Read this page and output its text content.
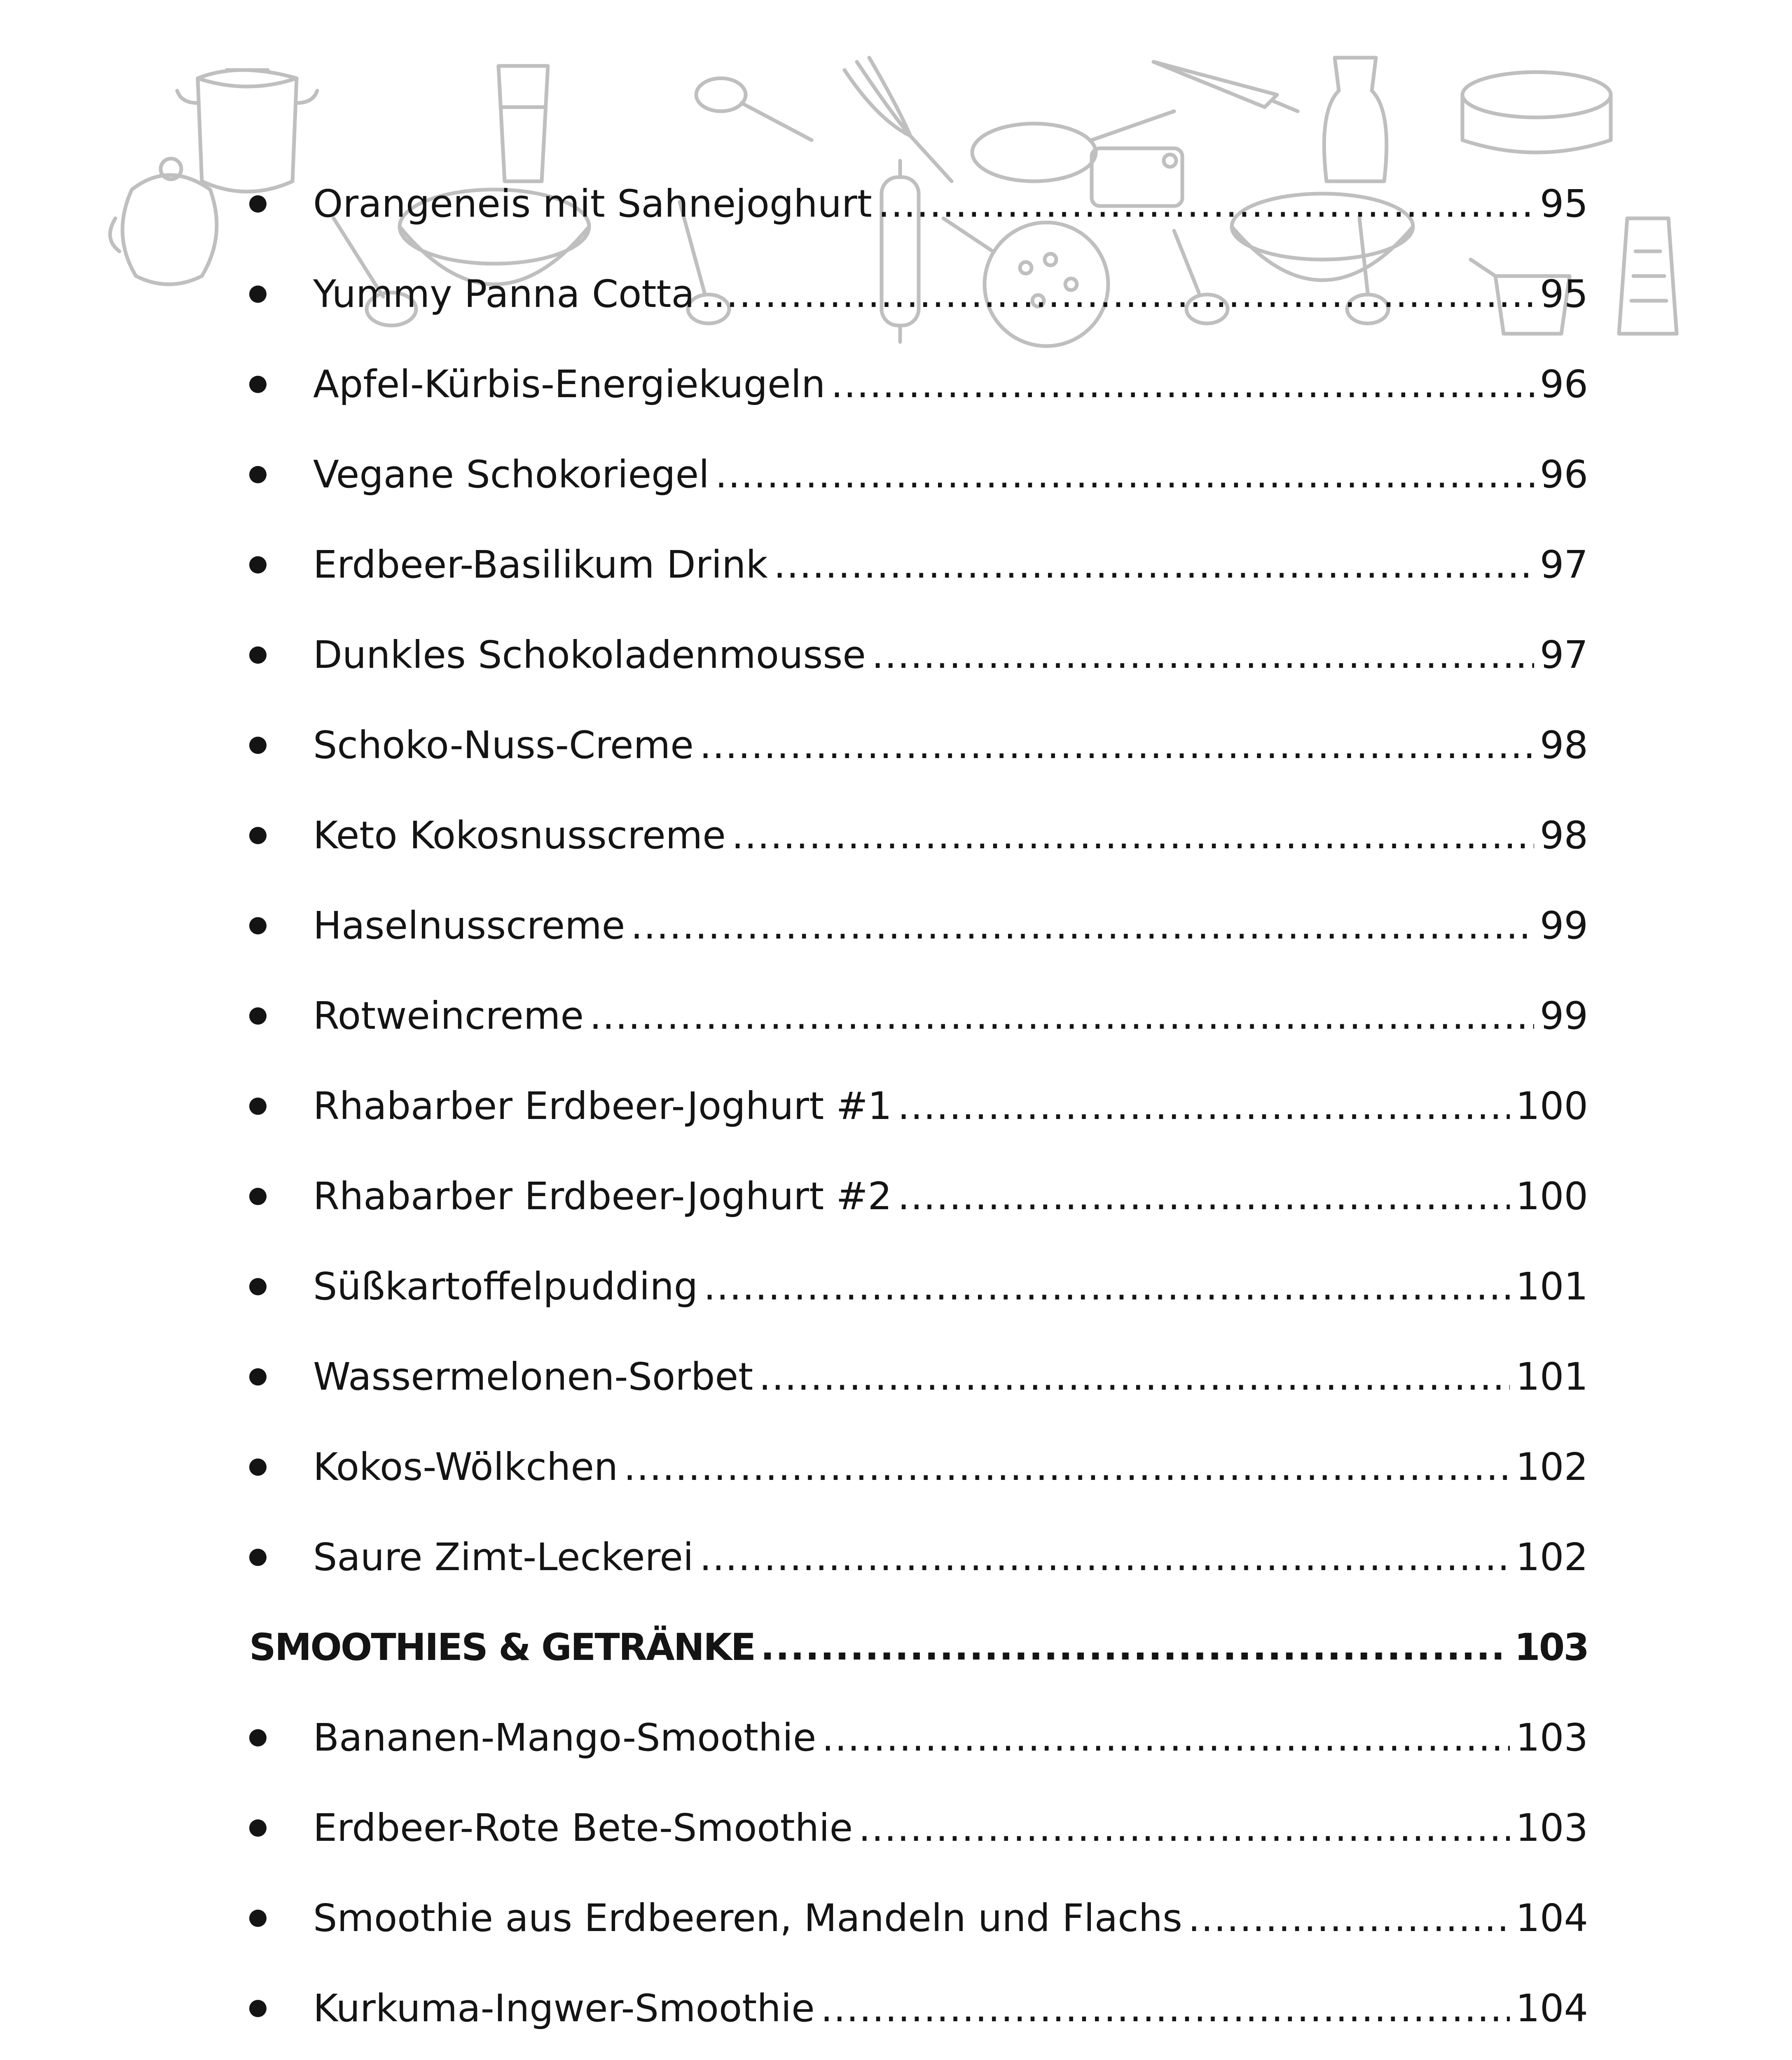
Orangeneis mit Sahnejoghurt .....	95
Yummy Panna Cotta .....	95
Apfel-Kürbis-Energiekugeln .....	96
Vegane Schokoriegel .....	96
Erdbeer-Basilikum Drink .....	97
Dunkles Schokoladenmousse .....	97
Schoko-Nuss-Creme .....	98
Keto Kokosnusscreme .....	98
Haselnusscreme .....	99
Rotweincreme .....	99
Rhabarber Erdbeer-Joghurt #1 .....	100
Rhabarber Erdbeer-Joghurt #2 .....	100
Süßkartoffelpudding .....	101
Wassermelonen-Sorbet .....	101
Kokos-Wölkchen .....	102
Saure Zimt-Leckerei .....	102
SMOOTHIES & GETRÄNKE .....	103
Bananen-Mango-Smoothie .....	103
Erdbeer-Rote Bete-Smoothie .....	103
Smoothie aus Erdbeeren, Mandeln und Flachs .....	104
Kurkuma-Ingwer-Smoothie .....	104
